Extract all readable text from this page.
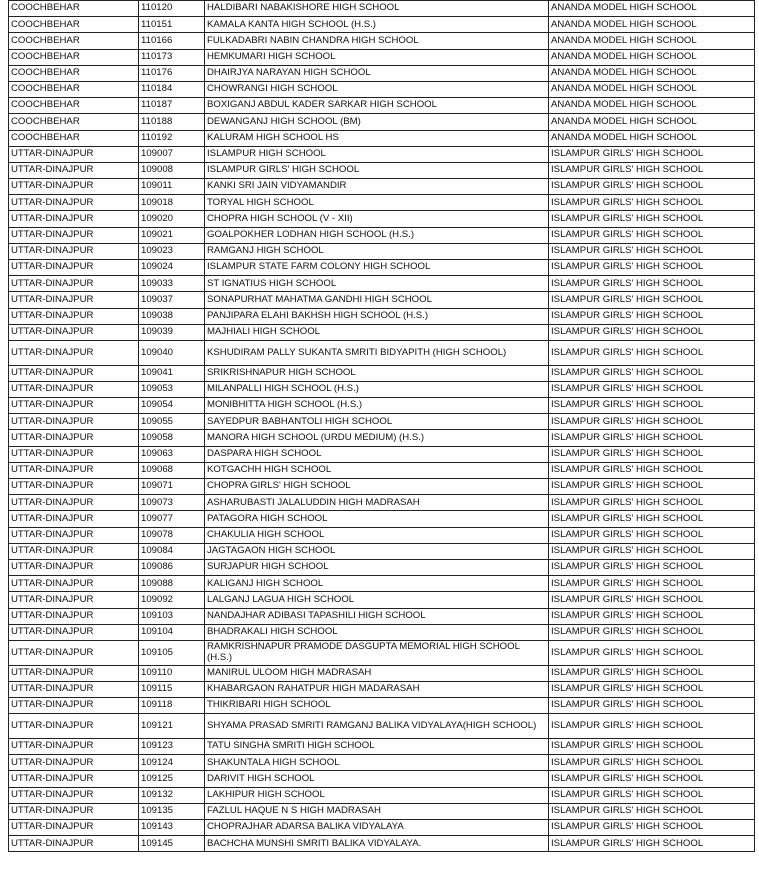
COOCHBEHAR	110120	HALDIBARI NABAKISHORE HIGH SCHOOL	ANANDA MODEL HIGH SCHOOL
COOCHBEHAR	110151	KAMALA KANTA HIGH SCHOOL (H.S.)	ANANDA MODEL HIGH SCHOOL
COOCHBEHAR	110166	FULKADABRI NABIN CHANDRA HIGH SCHOOL	ANANDA MODEL HIGH SCHOOL
COOCHBEHAR	110173	HEMKUMARI HIGH SCHOOL	ANANDA MODEL HIGH SCHOOL
COOCHBEHAR	110176	DHAIRJYA NARAYAN HIGH SCHOOL	ANANDA MODEL HIGH SCHOOL
COOCHBEHAR	110184	CHOWRANGI HIGH SCHOOL	ANANDA MODEL HIGH SCHOOL
COOCHBEHAR	110187	BOXIGANJ ABDUL KADER SARKAR HIGH SCHOOL	ANANDA MODEL HIGH SCHOOL
COOCHBEHAR	110188	DEWANGANJ HIGH SCHOOL (BM)	ANANDA MODEL HIGH SCHOOL
COOCHBEHAR	110192	KALURAM HIGH SCHOOL HS	ANANDA MODEL HIGH SCHOOL
UTTAR-DINAJPUR	109007	ISLAMPUR HIGH SCHOOL	ISLAMPUR GIRLS' HIGH SCHOOL
UTTAR-DINAJPUR	109008	ISLAMPUR GIRLS' HIGH SCHOOL	ISLAMPUR GIRLS' HIGH SCHOOL
UTTAR-DINAJPUR	109011	KANKI SRI JAIN VIDYAMANDIR	ISLAMPUR GIRLS' HIGH SCHOOL
UTTAR-DINAJPUR	109018	TORYAL HIGH SCHOOL	ISLAMPUR GIRLS' HIGH SCHOOL
UTTAR-DINAJPUR	109020	CHOPRA HIGH SCHOOL (V - XII)	ISLAMPUR GIRLS' HIGH SCHOOL
UTTAR-DINAJPUR	109021	GOALPOKHER LODHAN HIGH SCHOOL (H.S.)	ISLAMPUR GIRLS' HIGH SCHOOL
UTTAR-DINAJPUR	109023	RAMGANJ HIGH SCHOOL	ISLAMPUR GIRLS' HIGH SCHOOL
UTTAR-DINAJPUR	109024	ISLAMPUR STATE FARM COLONY HIGH SCHOOL	ISLAMPUR GIRLS' HIGH SCHOOL
UTTAR-DINAJPUR	109033	ST IGNATIUS HIGH SCHOOL	ISLAMPUR GIRLS' HIGH SCHOOL
UTTAR-DINAJPUR	109037	SONAPURHAT MAHATMA GANDHI HIGH SCHOOL	ISLAMPUR GIRLS' HIGH SCHOOL
UTTAR-DINAJPUR	109038	PANJIPARA ELAHI BAKHSH HIGH SCHOOL (H.S.)	ISLAMPUR GIRLS' HIGH SCHOOL
UTTAR-DINAJPUR	109039	MAJHIALI HIGH SCHOOL	ISLAMPUR GIRLS' HIGH SCHOOL
UTTAR-DINAJPUR	109040	KSHUDIRAM PALLY SUKANTA SMRITI BIDYAPITH (HIGH SCHOOL)	ISLAMPUR GIRLS' HIGH SCHOOL
UTTAR-DINAJPUR	109041	SRIKRISHNAPUR HIGH SCHOOL	ISLAMPUR GIRLS' HIGH SCHOOL
UTTAR-DINAJPUR	109053	MILANPALLI HIGH SCHOOL (H.S.)	ISLAMPUR GIRLS' HIGH SCHOOL
UTTAR-DINAJPUR	109054	MONIBHITTA HIGH SCHOOL (H.S.)	ISLAMPUR GIRLS' HIGH SCHOOL
UTTAR-DINAJPUR	109055	SAYEDPUR BABHANTOLI HIGH SCHOOL	ISLAMPUR GIRLS' HIGH SCHOOL
UTTAR-DINAJPUR	109058	MANORA HIGH SCHOOL (URDU MEDIUM) (H.S.)	ISLAMPUR GIRLS' HIGH SCHOOL
UTTAR-DINAJPUR	109063	DASPARA HIGH SCHOOL	ISLAMPUR GIRLS' HIGH SCHOOL
UTTAR-DINAJPUR	109068	KOTGACHH HIGH SCHOOL	ISLAMPUR GIRLS' HIGH SCHOOL
UTTAR-DINAJPUR	109071	CHOPRA GIRLS' HIGH SCHOOL	ISLAMPUR GIRLS' HIGH SCHOOL
UTTAR-DINAJPUR	109073	ASHARUBASTI JALALUDDIN HIGH MADRASAH	ISLAMPUR GIRLS' HIGH SCHOOL
UTTAR-DINAJPUR	109077	PATAGORA HIGH SCHOOL	ISLAMPUR GIRLS' HIGH SCHOOL
UTTAR-DINAJPUR	109078	CHAKULIA HIGH SCHOOL	ISLAMPUR GIRLS' HIGH SCHOOL
UTTAR-DINAJPUR	109084	JAGTAGAON HIGH SCHOOL	ISLAMPUR GIRLS' HIGH SCHOOL
UTTAR-DINAJPUR	109086	SURJAPUR HIGH SCHOOL	ISLAMPUR GIRLS' HIGH SCHOOL
UTTAR-DINAJPUR	109088	KALIGANJ HIGH SCHOOL	ISLAMPUR GIRLS' HIGH SCHOOL
UTTAR-DINAJPUR	109092	LALGANJ LAGUA HIGH SCHOOL	ISLAMPUR GIRLS' HIGH SCHOOL
UTTAR-DINAJPUR	109103	NANDAJHAR ADIBASI TAPASHILI HIGH SCHOOL	ISLAMPUR GIRLS' HIGH SCHOOL
UTTAR-DINAJPUR	109104	BHADRAKALI HIGH SCHOOL	ISLAMPUR GIRLS' HIGH SCHOOL
UTTAR-DINAJPUR	109105	RAMKRISHNAPUR PRAMODE DASGUPTA MEMORIAL HIGH SCHOOL (H.S.)	ISLAMPUR GIRLS' HIGH SCHOOL
UTTAR-DINAJPUR	109110	MANIRUL ULOOM HIGH MADRASAH	ISLAMPUR GIRLS' HIGH SCHOOL
UTTAR-DINAJPUR	109115	KHABARGAON RAHATPUR HIGH MADARASAH	ISLAMPUR GIRLS' HIGH SCHOOL
UTTAR-DINAJPUR	109118	THIKRIBARI HIGH SCHOOL	ISLAMPUR GIRLS' HIGH SCHOOL
UTTAR-DINAJPUR	109121	SHYAMA PRASAD SMRITI RAMGANJ BALIKA VIDYALAYA(HIGH SCHOOL)	ISLAMPUR GIRLS' HIGH SCHOOL
UTTAR-DINAJPUR	109123	TATU SINGHA SMRITI HIGH SCHOOL	ISLAMPUR GIRLS' HIGH SCHOOL
UTTAR-DINAJPUR	109124	SHAKUNTALA HIGH SCHOOL	ISLAMPUR GIRLS' HIGH SCHOOL
UTTAR-DINAJPUR	109125	DARIVIT HIGH SCHOOL	ISLAMPUR GIRLS' HIGH SCHOOL
UTTAR-DINAJPUR	109132	LAKHIPUR HIGH SCHOOL	ISLAMPUR GIRLS' HIGH SCHOOL
UTTAR-DINAJPUR	109135	FAZLUL HAQUE N S HIGH MADRASAH	ISLAMPUR GIRLS' HIGH SCHOOL
UTTAR-DINAJPUR	109143	CHOPRAJHAR ADARSA BALIKA VIDYALAYA	ISLAMPUR GIRLS' HIGH SCHOOL
UTTAR-DINAJPUR	109145	BACHCHA MUNSHI SMRITI BALIKA VIDYALAYA.	ISLAMPUR GIRLS' HIGH SCHOOL
